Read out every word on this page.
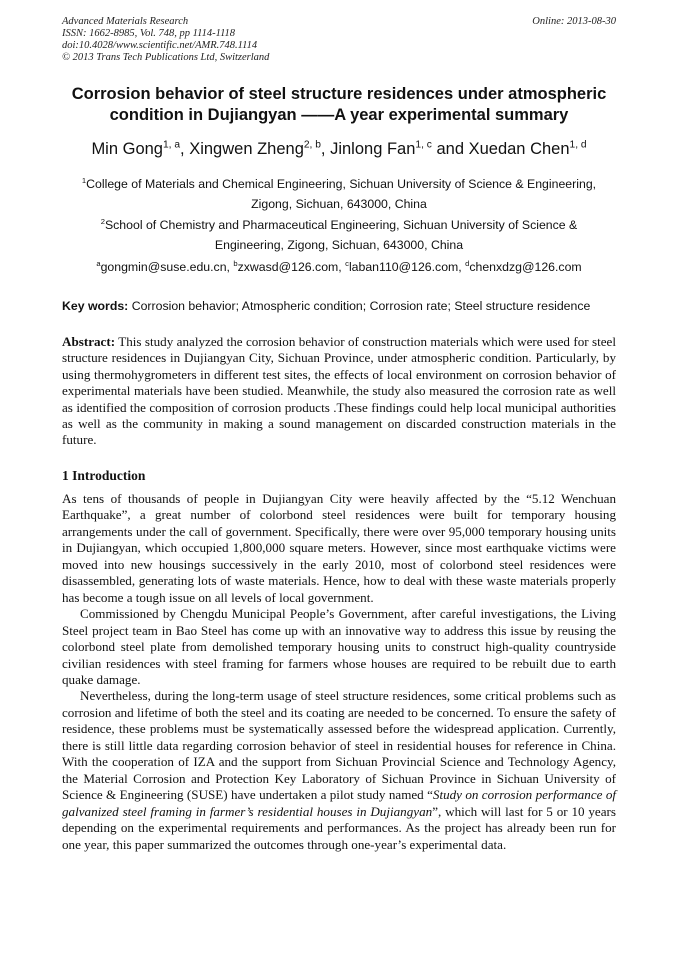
Advanced Materials Research
ISSN: 1662-8985, Vol. 748, pp 1114-1118
doi:10.4028/www.scientific.net/AMR.748.1114
© 2013 Trans Tech Publications Ltd, Switzerland
Online: 2013-08-30
Corrosion behavior of steel structure residences under atmospheric condition in Dujiangyan ——A year experimental summary
Min Gong$^{1, a}$, Xingwen Zheng$^{2, b}$, Jinlong Fan$^{1, c}$ and Xuedan Chen$^{1, d}$
$^1$College of Materials and Chemical Engineering, Sichuan University of Science & Engineering, Zigong, Sichuan, 643000, China
$^2$School of Chemistry and Pharmaceutical Engineering, Sichuan University of Science & Engineering, Zigong, Sichuan, 643000, China
$^a$gongmin@suse.edu.cn, $^b$zxwasd@126.com, $^c$laban110@126.com, $^d$chenxdzg@126.com
Key words: Corrosion behavior; Atmospheric condition; Corrosion rate; Steel structure residence

Abstract: This study analyzed the corrosion behavior of construction materials which were used for steel structure residences in Dujiangyan City, Sichuan Province, under atmospheric condition. Particularly, by using thermohygrometers in different test sites, the effects of local environment on corrosion behavior of experimental materials have been studied. Meanwhile, the study also measured the corrosion rate as well as identified the composition of corrosion products .These findings could help local municipal authorities as well as the community in making a sound management on discarded construction materials in the future.

1 Introduction

As tens of thousands of people in Dujiangyan City were heavily affected by the “5.12 Wenchuan Earthquake”, a great number of colorbond steel residences were built for temporary housing arrangements under the call of government. Specifically, there were over 95,000 temporary housing units in Dujiangyan, which occupied 1,800,000 square meters. However, since most earthquake victims were moved into new housings successively in the early 2010, most of colorbond steel residences were disassembled, generating lots of waste materials. Hence, how to deal with these waste materials properly has become a tough issue on all levels of local government.

Commissioned by Chengdu Municipal People’s Government, after careful investigations, the Living Steel project team in Bao Steel has come up with an innovative way to address this issue by reusing the colorbond steel plate from demolished temporary housing units to construct high-quality countryside civilian residences with steel framing for farmers whose houses are required to be rebuilt due to earth quake damage.

Nevertheless, during the long-term usage of steel structure residences, some critical problems such as corrosion and lifetime of both the steel and its coating are needed to be concerned. To ensure the safety of residence, these problems must be systematically assessed before the widespread application. Currently, there is still little data regarding corrosion behavior of steel in residential houses for reference in China. With the cooperation of IZA and the support from Sichuan Provincial Science and Technology Agency, the Material Corrosion and Protection Key Laboratory of Sichuan Province in Sichuan University of Science & Engineering (SUSE) have undertaken a pilot study named “Study on corrosion performance of galvanized steel framing in farmer’s residential houses in Dujiangyan”, which will last for 5 or 10 years depending on the experimental requirements and performances. As the project has already been run for one year, this paper summarized the outcomes through one-year’s experimental data.
